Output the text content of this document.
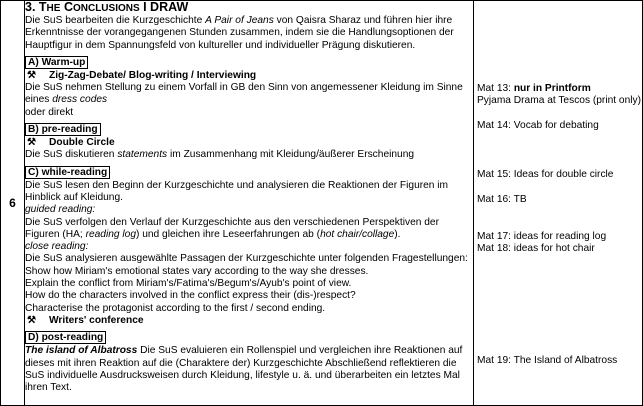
6	
3. THE CONCLUSIONS I DRAW
Die SuS bearbeiten die Kurzgeschichte A Pair of Jeans von Qaisra Sharaz und führen hier ihre Erkenntnisse der vorangegangenen Stunden zusammen, indem sie die Handlungsoptionen der Hauptfigur in dem Spannungsfeld von kultureller und individueller Prägung diskutieren.
A) Warm-up
⚒ Zig-Zag-Debate/ Blog-writing / Interviewing
Die SuS nehmen Stellung zu einem Vorfall in GB den Sinn von angemessener Kleidung im Sinne eines dress codes
oder direkt
B) pre-reading
⚒ Double Circle
Die SuS diskutieren statements im Zusammenhang mit Kleidung/äußerer Erscheinung
C) while-reading
Die SuS lesen den Beginn der Kurzgeschichte und analysieren die Reaktionen der Figuren im Hinblick auf Kleidung.
guided reading:
Die SuS verfolgen den Verlauf der Kurzgeschichte aus den verschiedenen Perspektiven der Figuren (HA; reading log) und gleichen ihre Leseerfahrungen ab (hot chair/collage).
close reading:
Die SuS analysieren ausgewählte Passagen der Kurzgeschichte unter folgenden Fragestellungen:
Show how Miriam's emotional states vary according to the way she dresses.
Explain the conflict from Miriam's/Fatima's/Begum's/Ayub's point of view.
How do the characters involved in the conflict express their (dis-)respect?
Characterise the protagonist according to the first / second ending.
⚒ Writers' conference
D) post-reading
The island of Albatross Die SuS evaluieren ein Rollenspiel und vergleichen ihre Reaktionen auf dieses mit ihren Reaktion auf die (Charaktere der) Kurzgeschichte Abschließend reflektieren die SuS individuelle Ausdrucksweisen durch Kleidung, lifestyle u. ä. und überarbeiten ein letztes Mal ihren Text.

Mat 13: nur in Printform
Pyjama Drama at Tescos (print only)
Mat 14: Vocab for debating
Mat 15: Ideas for double circle
Mat 16: TB
Mat 17: ideas for reading log
Mat 18: ideas for hot chair
Mat 19: The Island of Albatross
